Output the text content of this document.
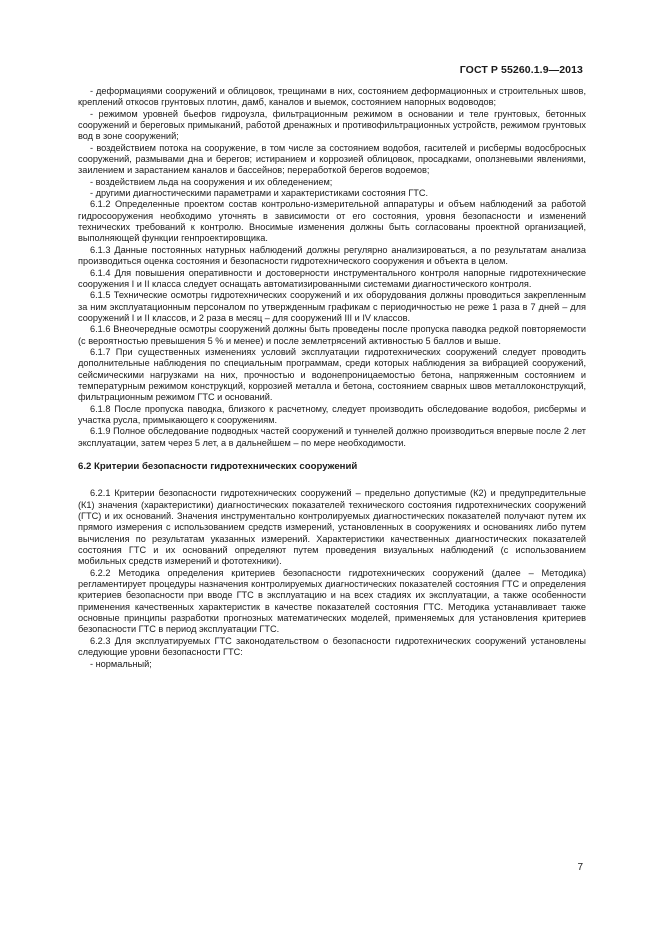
ГОСТ Р 55260.1.9—2013

- деформациями сооружений и облицовок, трещинами в них, состоянием деформационных и строительных швов, креплений откосов грунтовых плотин, дамб, каналов и выемок, состоянием напорных водоводов;

- режимом уровней бьефов гидроузла, фильтрационным режимом в основании и теле грунтовых, бетонных сооружений и береговых примыканий, работой дренажных и противофильтрационных устройств, режимом грунтовых вод в зоне сооружений;

- воздействием потока на сооружение, в том числе за состоянием водобоя, гасителей и рисбермы водосбросных сооружений, размывами дна и берегов; истиранием и коррозией облицовок, просадками, оползневыми явлениями, заилением и зарастанием каналов и бассейнов; переработкой берегов водоемов;

- воздействием льда на сооружения и их обледенением;

- другими диагностическими параметрами и характеристиками состояния ГТС.

6.1.2 Определенные проектом состав контрольно-измерительной аппаратуры и объем наблюдений за работой гидросооружения необходимо уточнять в зависимости от его состояния, уровня безопасности и изменений технических требований к контролю. Вносимые изменения должны быть согласованы проектной организацией, выполняющей функции генпроектировщика.

6.1.3 Данные постоянных натурных наблюдений должны регулярно анализироваться, а по результатам анализа производиться оценка состояния и безопасности гидротехнического сооружения и объекта в целом.

6.1.4 Для повышения оперативности и достоверности инструментального контроля напорные гидротехнические сооружения I и II класса следует оснащать автоматизированными системами диагностического контроля.

6.1.5 Технические осмотры гидротехнических сооружений и их оборудования должны проводиться закрепленным за ним эксплуатационным персоналом по утвержденным графикам с периодичностью не реже 1 раза в 7 дней – для сооружений I и II классов, и 2 раза в месяц – для сооружений III и IV классов.

6.1.6 Внеочередные осмотры сооружений должны быть проведены после пропуска паводка редкой повторяемости (с вероятностью превышения 5 % и менее) и после землетрясений активностью 5 баллов и выше.

6.1.7 При существенных изменениях условий эксплуатации гидротехнических сооружений следует проводить дополнительные наблюдения по специальным программам, среди которых наблюдения за вибрацией сооружений, сейсмическими нагрузками на них, прочностью и водонепроницаемостью бетона, напряженным состоянием и температурным режимом конструкций, коррозией металла и бетона, состоянием сварных швов металлоконструкций, фильтрационным режимом ГТС и оснований.

6.1.8 После пропуска паводка, близкого к расчетному, следует производить обследование водобоя, рисбермы и участка русла, примыкающего к сооружениям.

6.1.9 Полное обследование подводных частей сооружений и туннелей должно производиться впервые после 2 лет эксплуатации, затем через 5 лет, а в дальнейшем – по мере необходимости.

6.2 Критерии безопасности гидротехнических сооружений

6.2.1 Критерии безопасности гидротехнических сооружений – предельно допустимые (К2) и предупредительные (К1) значения (характеристики) диагностических показателей технического состояния гидротехнических сооружений (ГТС) и их оснований. Значения инструментально контролируемых диагностических показателей получают путем их прямого измерения с использованием средств измерений, установленных в сооружениях и основаниях либо путем вычисления по результатам указанных измерений. Характеристики качественных диагностических показателей состояния ГТС и их оснований определяют путем проведения визуальных наблюдений (с использованием мобильных средств измерений и фототехники).

6.2.2 Методика определения критериев безопасности гидротехнических сооружений (далее – Методика) регламентирует процедуры назначения контролируемых диагностических показателей состояния ГТС и определения критериев безопасности при вводе ГТС в эксплуатацию и на всех стадиях их эксплуатации, а также особенности применения качественных характеристик в качестве показателей состояния ГТС. Методика устанавливает также основные принципы разработки прогнозных математических моделей, применяемых для установления критериев безопасности ГТС в период эксплуатации ГТС.

6.2.3 Для эксплуатируемых ГТС законодательством о безопасности гидротехнических сооружений установлены следующие уровни безопасности ГТС:

- нормальный;

7
